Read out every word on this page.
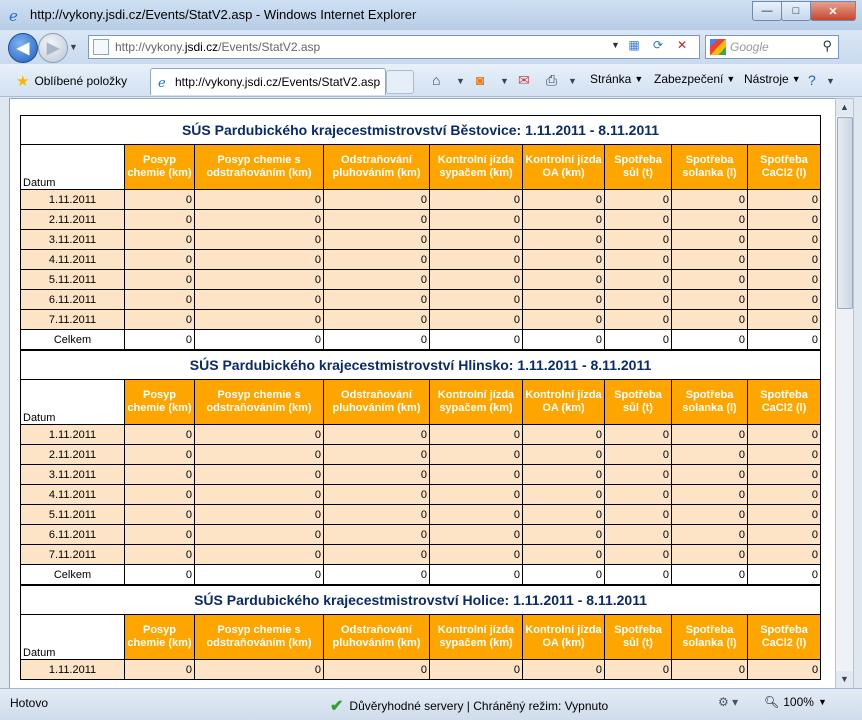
e http://vykony.jsdi.cz/Events/StatV2.asp - Windows Internet Explorer	—	□	✕
◀ ▶ ▼	http://vykony.jsdi.cz/Events/StatV2.asp	▼ ▦	⟳	✕	Google	⚲
★ Oblíbené položky e http://vykony.jsdi.cz/Events/StatV2.asp	⌂ ▼ ◙ ▼ ✉ ⎙ ▼ Stránka ▼ Zabezpečení ▼ Nástroje ▼ ? ▼
SÚS Pardubického krajecestmistrovství Běstovice: 1.11.2011 - 8.11.2011								
Datum	Posyp chemie (km)	Posyp chemie s odstraňováním (km)	Odstraňování pluhováním (km)	Kontrolní jízda sypačem (km)	Kontrolní jízda OA (km)	Spotřeba sůl (t)	Spotřeba solanka (l)	Spotřeba CaCl2 (l)
1.11.2011	0	0	0	0	0	0	0	0
2.11.2011	0	0	0	0	0	0	0	0
3.11.2011	0	0	0	0	0	0	0	0
4.11.2011	0	0	0	0	0	0	0	0
5.11.2011	0	0	0	0	0	0	0	0
6.11.2011	0	0	0	0	0	0	0	0
7.11.2011	0	0	0	0	0	0	0	0
Celkem	0	0	0	0	0	0	0	0
SÚS Pardubického krajecestmistrovství Hlinsko: 1.11.2011 - 8.11.2011								
Datum	Posyp chemie (km)	Posyp chemie s odstraňováním (km)	Odstraňování pluhováním (km)	Kontrolní jízda sypačem (km)	Kontrolní jízda OA (km)	Spotřeba sůl (t)	Spotřeba solanka (l)	Spotřeba CaCl2 (l)
1.11.2011	0	0	0	0	0	0	0	0
2.11.2011	0	0	0	0	0	0	0	0
3.11.2011	0	0	0	0	0	0	0	0
4.11.2011	0	0	0	0	0	0	0	0
5.11.2011	0	0	0	0	0	0	0	0
6.11.2011	0	0	0	0	0	0	0	0
7.11.2011	0	0	0	0	0	0	0	0
Celkem	0	0	0	0	0	0	0	0
SÚS Pardubického krajecestmistrovství Holice: 1.11.2011 - 8.11.2011								
Datum	Posyp chemie (km)	Posyp chemie s odstraňováním (km)	Odstraňování pluhováním (km)	Kontrolní jízda sypačem (km)	Kontrolní jízda OA (km)	Spotřeba sůl (t)	Spotřeba solanka (l)	Spotřeba CaCl2 (l)
1.11.2011	0	0	0	0	0	0	0	0
▲
▼
Hotovo	✔ Důvěryhodné servery | Chráněný režim: Vypnuto	⚙ ▾ 🔍︎ 100% ▼
